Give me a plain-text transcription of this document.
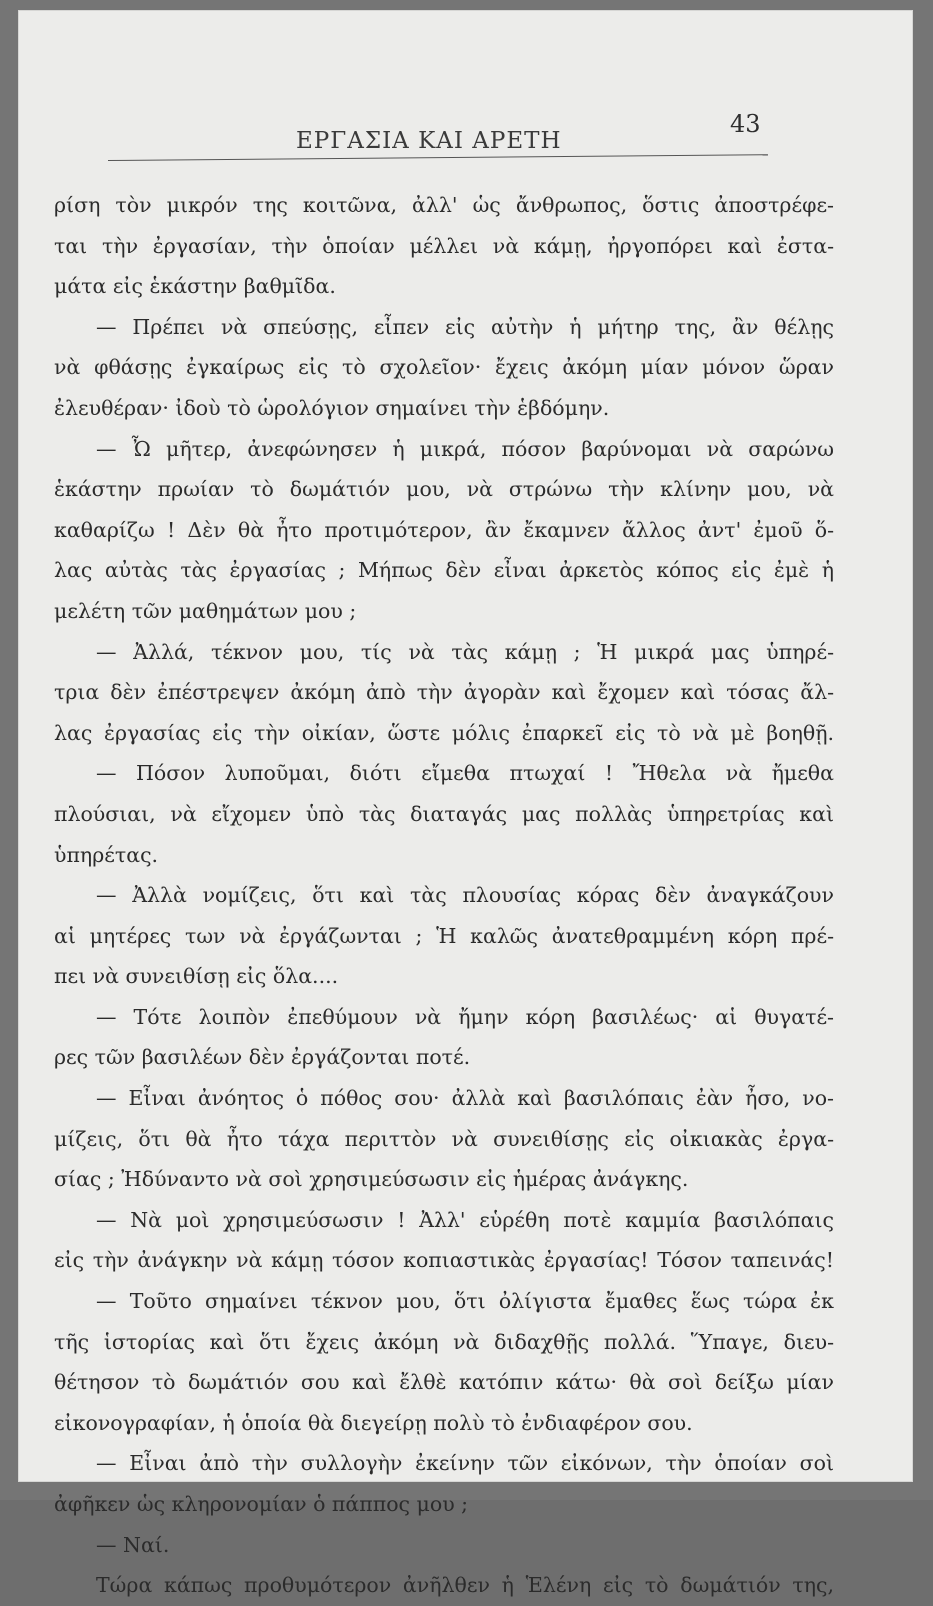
ΕΡΓΑΣΙΑ ΚΑΙ ΑΡΕΤΗ
43
ρίση τὸν μικρόν της κοιτῶνα, ἀλλ' ὡς ἄνθρωπος, ὅστις ἀποστρέφε-
ται τὴν ἐργασίαν, τὴν ὁποίαν μέλλει νὰ κάμῃ, ἠργοπόρει καὶ ἐστα-
μάτα εἰς ἑκάστην βαθμῖδα.
— Πρέπει νὰ σπεύσῃς, εἶπεν εἰς αὐτὴν ἡ μήτηρ της, ἂν θέλῃς
νὰ φθάσῃς ἐγκαίρως εἰς τὸ σχολεῖον· ἔχεις ἀκόμη μίαν μόνον ὥραν
ἐλευθέραν· ἰδοὺ τὸ ὡρολόγιον σημαίνει τὴν ἑβδόμην.
— Ὦ μῆτερ, ἀνεφώνησεν ἡ μικρά, πόσον βαρύνομαι νὰ σαρώνω
ἑκάστην πρωίαν τὸ δωμάτιόν μου, νὰ στρώνω τὴν κλίνην μου, νὰ
καθαρίζω ! Δὲν θὰ ἦτο προτιμότερον, ἂν ἔκαμνεν ἄλλος ἀντ' ἐμοῦ ὅ-
λας αὐτὰς τὰς ἐργασίας ; Μήπως δὲν εἶναι ἀρκετὸς κόπος εἰς ἐμὲ ἡ
μελέτη τῶν μαθημάτων μου ;
— Ἀλλά, τέκνον μου, τίς νὰ τὰς κάμῃ ; Ἡ μικρά μας ὑπηρέ-
τρια δὲν ἐπέστρεψεν ἀκόμη ἀπὸ τὴν ἀγορὰν καὶ ἔχομεν καὶ τόσας ἄλ-
λας ἐργασίας εἰς τὴν οἰκίαν, ὥστε μόλις ἐπαρκεῖ εἰς τὸ νὰ μὲ βοηθῇ.
— Πόσον λυποῦμαι, διότι εἴμεθα πτωχαί ! Ἤθελα νὰ ἤμεθα
πλούσιαι, νὰ εἴχομεν ὑπὸ τὰς διαταγάς μας πολλὰς ὑπηρετρίας καὶ
ὑπηρέτας.
— Ἀλλὰ νομίζεις, ὅτι καὶ τὰς πλουσίας κόρας δὲν ἀναγκάζουν
αἱ μητέρες των νὰ ἐργάζωνται ; Ἡ καλῶς ἀνατεθραμμένη κόρη πρέ-
πει νὰ συνειθίσῃ εἰς ὅλα....
— Τότε λοιπὸν ἐπεθύμουν νὰ ἤμην κόρη βασιλέως· αἱ θυγατέ-
ρες τῶν βασιλέων δὲν ἐργάζονται ποτέ.
— Εἶναι ἀνόητος ὁ πόθος σου· ἀλλὰ καὶ βασιλόπαις ἐὰν ἦσο, νο-
μίζεις, ὅτι θὰ ἦτο τάχα περιττὸν νὰ συνειθίσῃς εἰς οἰκιακὰς ἐργα-
σίας ; Ἠδύναντο νὰ σοὶ χρησιμεύσωσιν εἰς ἡμέρας ἀνάγκης.
— Νὰ μοὶ χρησιμεύσωσιν ! Ἀλλ' εὑρέθη ποτὲ καμμία βασιλόπαις
εἰς τὴν ἀνάγκην νὰ κάμῃ τόσον κοπιαστικὰς ἐργασίας! Τόσον ταπεινάς!
— Τοῦτο σημαίνει τέκνον μου, ὅτι ὀλίγιστα ἔμαθες ἕως τώρα ἐκ
τῆς ἱστορίας καὶ ὅτι ἔχεις ἀκόμη νὰ διδαχθῇς πολλά. Ὕπαγε, διευ-
θέτησον τὸ δωμάτιόν σου καὶ ἔλθὲ κατόπιν κάτω· θὰ σοὶ δείξω μίαν
εἰκονογραφίαν, ἡ ὁποία θὰ διεγείρῃ πολὺ τὸ ἐνδιαφέρον σου.
— Εἶναι ἀπὸ τὴν συλλογὴν ἐκείνην τῶν εἰκόνων, τὴν ὁποίαν σοὶ
ἀφῆκεν ὡς κληρονομίαν ὁ πάππος μου ;
— Ναί.
Τώρα κάπως προθυμότερον ἀνῆλθεν ἡ Ἑλένη εἰς τὸ δωμάτιόν της,
